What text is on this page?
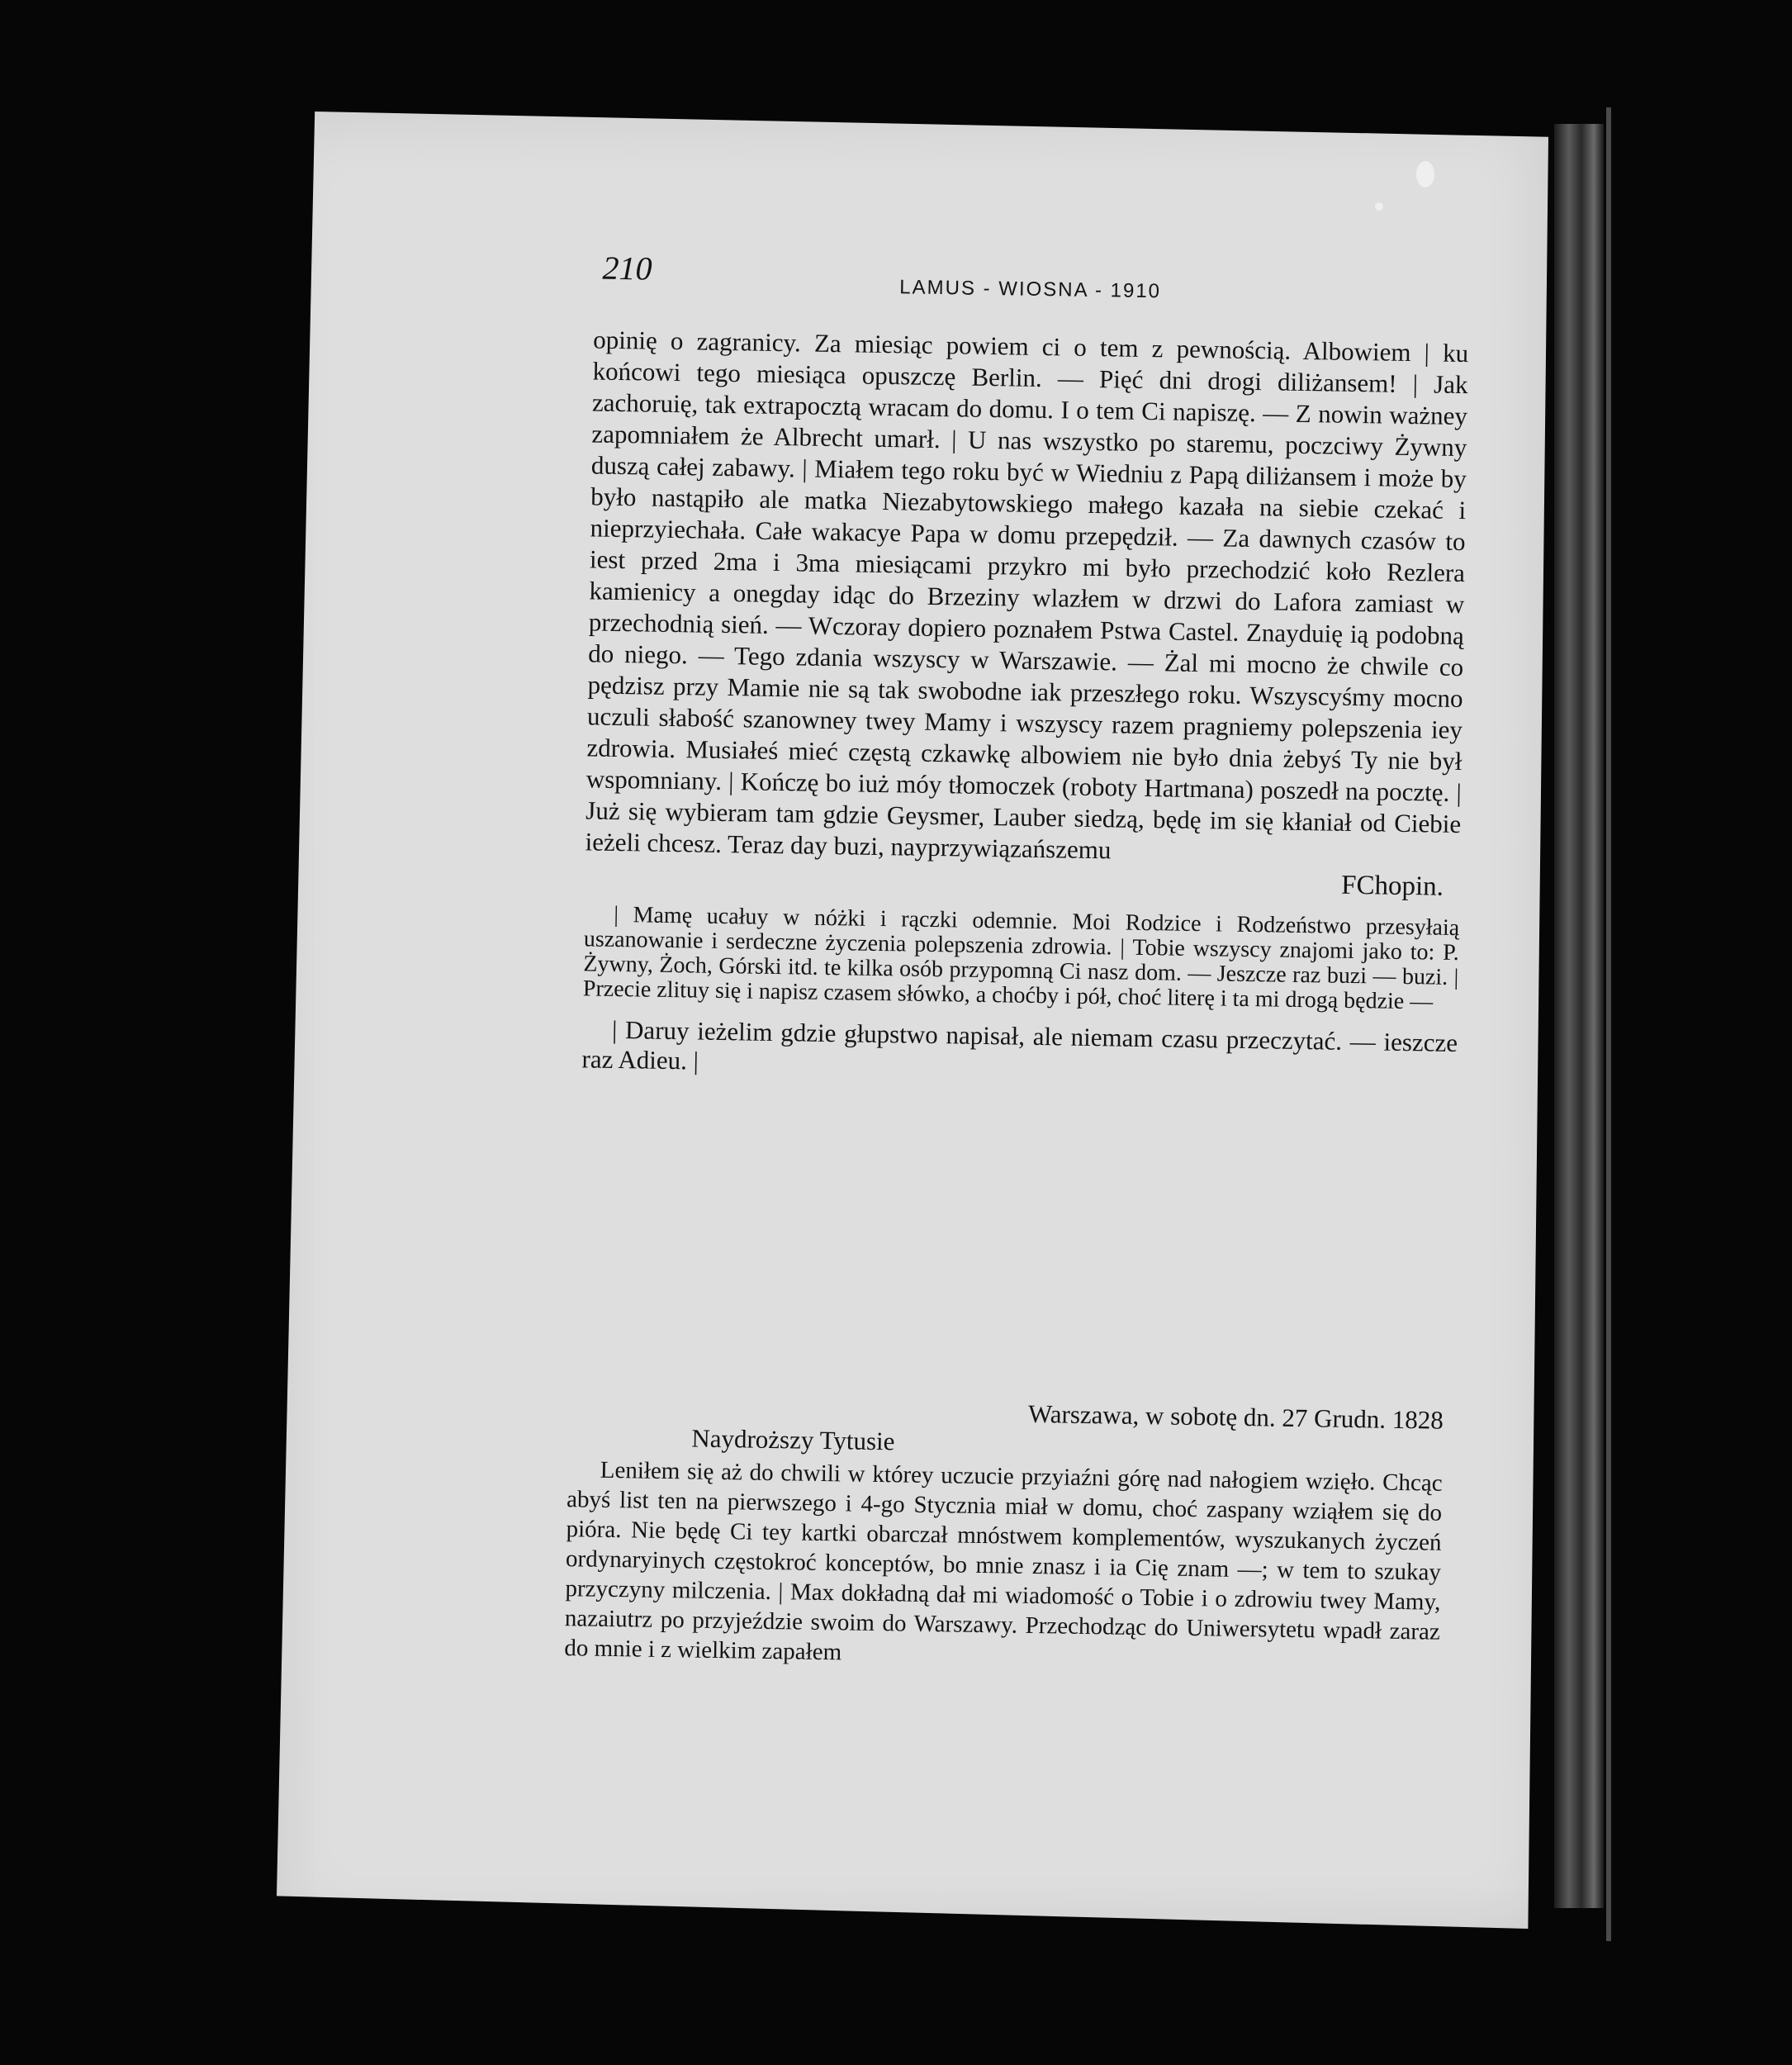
210
LAMUS - WIOSNA - 1910

opinię o zagranicy. Za miesiąc powiem ci o tem z pewnością. Albowiem | ku końcowi tego miesiąca opuszczę Berlin. — Pięć dni drogi diliżansem! | Jak zachoruię, tak extrapocztą wracam do domu. I o tem Ci napiszę. — Z nowin ważney zapomniałem że Albrecht umarł. | U nas wszystko po staremu, poczciwy Żywny duszą całej zabawy. | Miałem tego roku być w Wiedniu z Papą diliżansem i może by było nastąpiło ale matka Niezabytowskiego małego kazała na siebie czekać i nieprzyiechała. Całe wakacye Papa w domu przepędził. — Za dawnych czasów to iest przed 2ma i 3ma miesiącami przykro mi było przechodzić koło Rezlera kamienicy a onegday idąc do Brzeziny wlazłem w drzwi do Lafora zamiast w przechodnią sień. — Wczoray dopiero poznałem Pstwa Castel. Znayduię ią podobną do niego. — Tego zdania wszyscy w Warszawie. — Żal mi mocno że chwile co pędzisz przy Mamie nie są tak swobodne iak przeszłego roku. Wszyscyśmy mocno uczuli słabość szanowney twey Mamy i wszyscy razem pragniemy polepszenia iey zdrowia. Musiałeś mieć częstą czkawkę albowiem nie było dnia żebyś Ty nie był wspomniany. | Kończę bo iuż móy tłomoczek (roboty Hartmana) poszedł na pocztę. | Już się wybieram tam gdzie Geysmer, Lauber siedzą, będę im się kłaniał od Ciebie ieżeli chcesz. Teraz day buzi, nayprzywiązańszemu

FChopin.

| Mamę ucałuy w nóżki i rączki odemnie. Moi Rodzice i Rodzeństwo przesyłaią uszanowanie i serdeczne życzenia polepszenia zdrowia. | Tobie wszyscy znajomi jako to: P. Żywny, Żoch, Górski itd. te kilka osób przypomną Ci nasz dom. — Jeszcze raz buzi — buzi. | Przecie zlituy się i napisz czasem słówko, a choćby i pół, choć literę i ta mi drogą będzie —

| Daruy ieżelim gdzie głupstwo napisał, ale niemam czasu przeczytać. — ieszcze raz Adieu. |

Warszawa, w sobotę dn. 27 Grudn. 1828

Naydroższy Tytusie

Leniłem się aż do chwili w którey uczucie przyiaźni górę nad nałogiem wzięło. Chcąc abyś list ten na pierwszego i 4-go Stycznia miał w domu, choć zaspany wziąłem się do pióra. Nie będę Ci tey kartki obarczał mnóstwem komplementów, wyszukanych życzeń ordynaryinych częstokroć konceptów, bo mnie znasz i ia Cię znam —; w tem to szukay przyczyny milczenia. | Max dokładną dał mi wiadomość o Tobie i o zdrowiu twey Mamy, nazaiutrz po przyjeździe swoim do Warszawy. Przechodząc do Uniwersytetu wpadł zaraz do mnie i z wielkim zapałem
